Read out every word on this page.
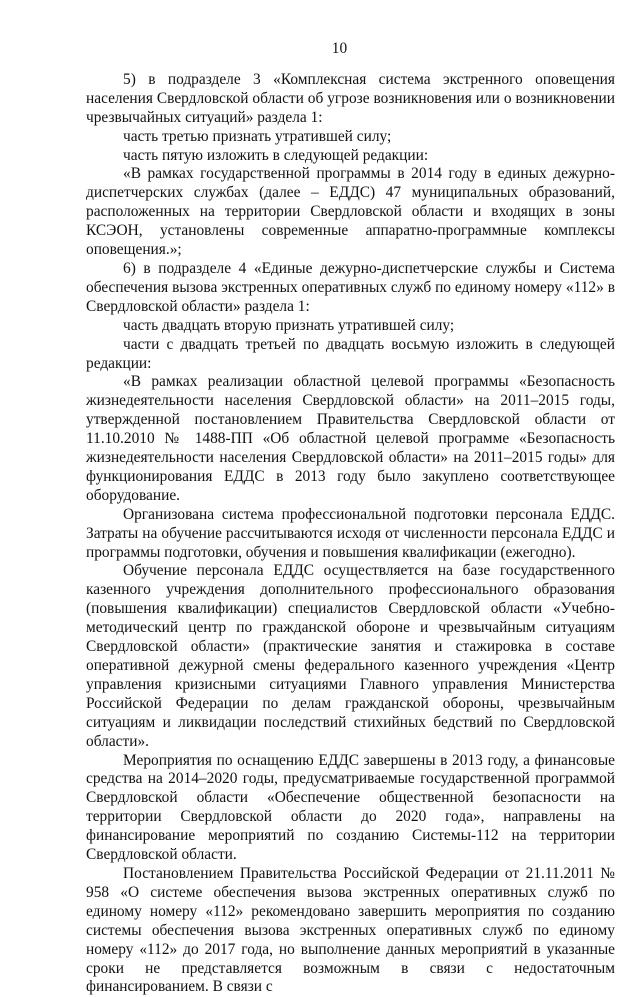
10

5) в подразделе 3 «Комплексная система экстренного оповещения населения Свердловской области об угрозе возникновения или о возникновении чрезвычайных ситуаций» раздела 1:

часть третью признать утратившей силу;

часть пятую изложить в следующей редакции:

«В рамках государственной программы в 2014 году в единых дежурно-диспетчерских службах (далее – ЕДДС) 47 муниципальных образований, расположенных на территории Свердловской области и входящих в зоны КСЭОН, установлены современные аппаратно-программные комплексы оповещения.»;

6) в подразделе 4 «Единые дежурно-диспетчерские службы и Система обеспечения вызова экстренных оперативных служб по единому номеру «112» в Свердловской области» раздела 1:

часть двадцать вторую признать утратившей силу;

части с двадцать третьей по двадцать восьмую изложить в следующей редакции:

«В рамках реализации областной целевой программы «Безопасность жизнедеятельности населения Свердловской области» на 2011–2015 годы, утвержденной постановлением Правительства Свердловской области от 11.10.2010 № 1488-ПП «Об областной целевой программе «Безопасность жизнедеятельности населения Свердловской области» на 2011–2015 годы» для функционирования ЕДДС в 2013 году было закуплено соответствующее оборудование.

Организована система профессиональной подготовки персонала ЕДДС. Затраты на обучение рассчитываются исходя от численности персонала ЕДДС и программы подготовки, обучения и повышения квалификации (ежегодно).

Обучение персонала ЕДДС осуществляется на базе государственного казенного учреждения дополнительного профессионального образования (повышения квалификации) специалистов Свердловской области «Учебно-методический центр по гражданской обороне и чрезвычайным ситуациям Свердловской области» (практические занятия и стажировка в составе оперативной дежурной смены федерального казенного учреждения «Центр управления кризисными ситуациями Главного управления Министерства Российской Федерации по делам гражданской обороны, чрезвычайным ситуациям и ликвидации последствий стихийных бедствий по Свердловской области».

Мероприятия по оснащению ЕДДС завершены в 2013 году, а финансовые средства на 2014–2020 годы, предусматриваемые государственной программой Свердловской области «Обеспечение общественной безопасности на территории Свердловской области до 2020 года», направлены на финансирование мероприятий по созданию Системы-112 на территории Свердловской области.

Постановлением Правительства Российской Федерации от 21.11.2011 № 958 «О системе обеспечения вызова экстренных оперативных служб по единому номеру «112» рекомендовано завершить мероприятия по созданию системы обеспечения вызова экстренных оперативных служб по единому номеру «112» до 2017 года, но выполнение данных мероприятий в указанные сроки не представляется возможным в связи с недостаточным финансированием. В связи с
